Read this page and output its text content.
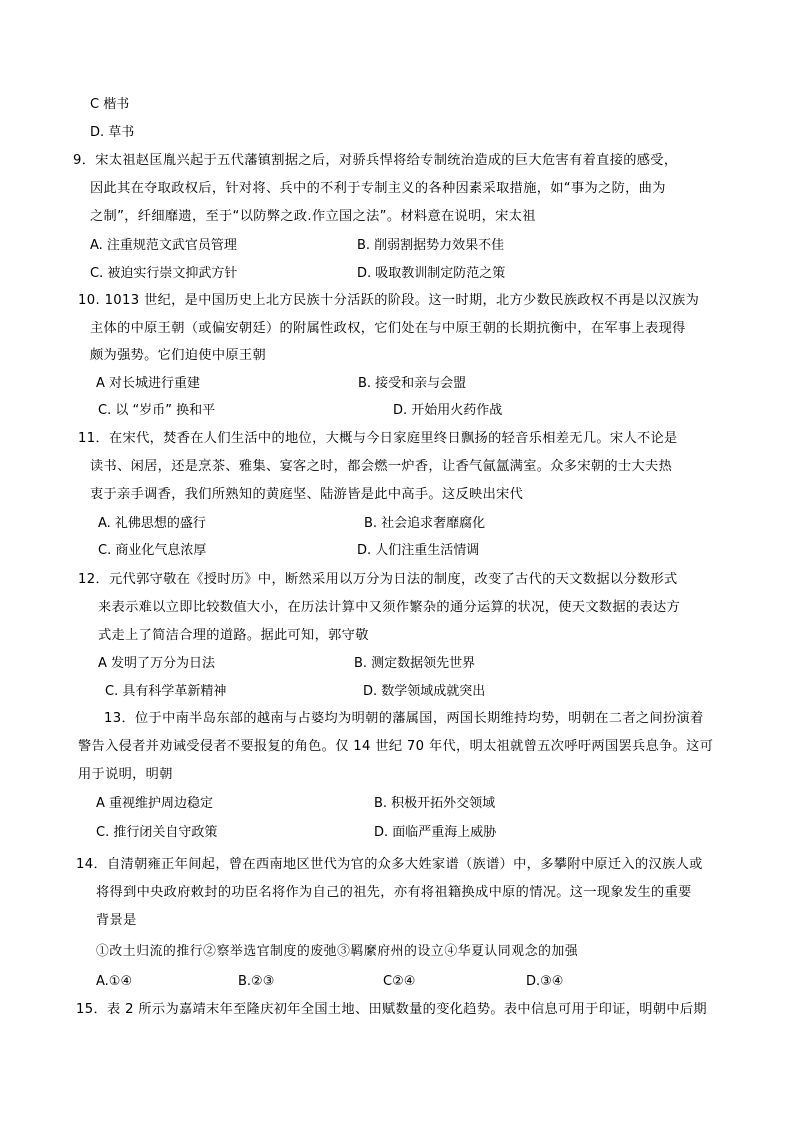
C 楷书
D. 草书
9．宋太祖赵匡胤兴起于五代藩镇割据之后，对骄兵悍将给专制统治造成的巨大危害有着直接的感受，
因此其在夺取政权后，针对将、兵中的不利于专制主义的各种因素采取措施，如“事为之防，曲为
之制”，纤细靡遗，至于“以防弊之政.作立国之法”。材料意在说明，宋太祖
A. 注重规范文武官员管理	B. 削弱割据势力效果不佳
C. 被迫实行崇文抑武方针	D. 吸取教训制定防范之策
10. 1013 世纪，是中国历史上北方民族十分活跃的阶段。这一时期，北方少数民族政权不再是以汉族为
主体的中原王朝（或偏安朝廷）的附属性政权，它们处在与中原王朝的长期抗衡中，在军事上表现得
颇为强势。它们迫使中原王朝
A 对长城进行重建	B. 接受和亲与会盟
C. 以 “岁币” 换和平	D. 开始用火药作战
11．在宋代，焚香在人们生活中的地位，大概与今日家庭里终日飘扬的轻音乐相差无几。宋人不论是
读书、闲居，还是烹茶、雅集、宴客之时，都会燃一炉香，让香气氤氲满室。众多宋朝的士大夫热
衷于亲手调香，我们所熟知的黄庭坚、陆游皆是此中高手。这反映出宋代
A. 礼佛思想的盛行	B. 社会追求奢靡腐化
C. 商业化气息浓厚	D. 人们注重生活情调
12．元代郭守敬在《授时历》中，断然采用以万分为日法的制度，改变了古代的天文数据以分数形式
来表示难以立即比较数值大小，在历法计算中又须作繁杂的通分运算的状况，使天文数据的表达方
式走上了简洁合理的道路。据此可知，郭守敬
A 发明了万分为日法	B. 测定数据领先世界
C. 具有科学革新精神	D. 数学领域成就突出
13．位于中南半岛东部的越南与占婆均为明朝的藩属国，两国长期维持均势，明朝在二者之间扮演着
警告入侵者并劝诫受侵者不要报复的角色。仅 14 世纪 70 年代，明太祖就曾五次呼吁两国罢兵息争。这可
用于说明，明朝
A 重视维护周边稳定	B. 积极开拓外交领域
C. 推行闭关自守政策	D. 面临严重海上威胁
14．自清朝雍正年间起，曾在西南地区世代为官的众多大姓家谱（族谱）中，多攀附中原迁入的汉族人或
将得到中央政府敕封的功臣名将作为自己的祖先，亦有将祖籍换成中原的情况。这一现象发生的重要
背景是
①改土归流的推行②察举选官制度的废弛③羁縻府州的设立④华夏认同观念的加强
A.①④	B.②③	C②④	D.③④
15．表 2 所示为嘉靖末年至隆庆初年全国土地、田赋数量的变化趋势。表中信息可用于印证，明朝中后期
